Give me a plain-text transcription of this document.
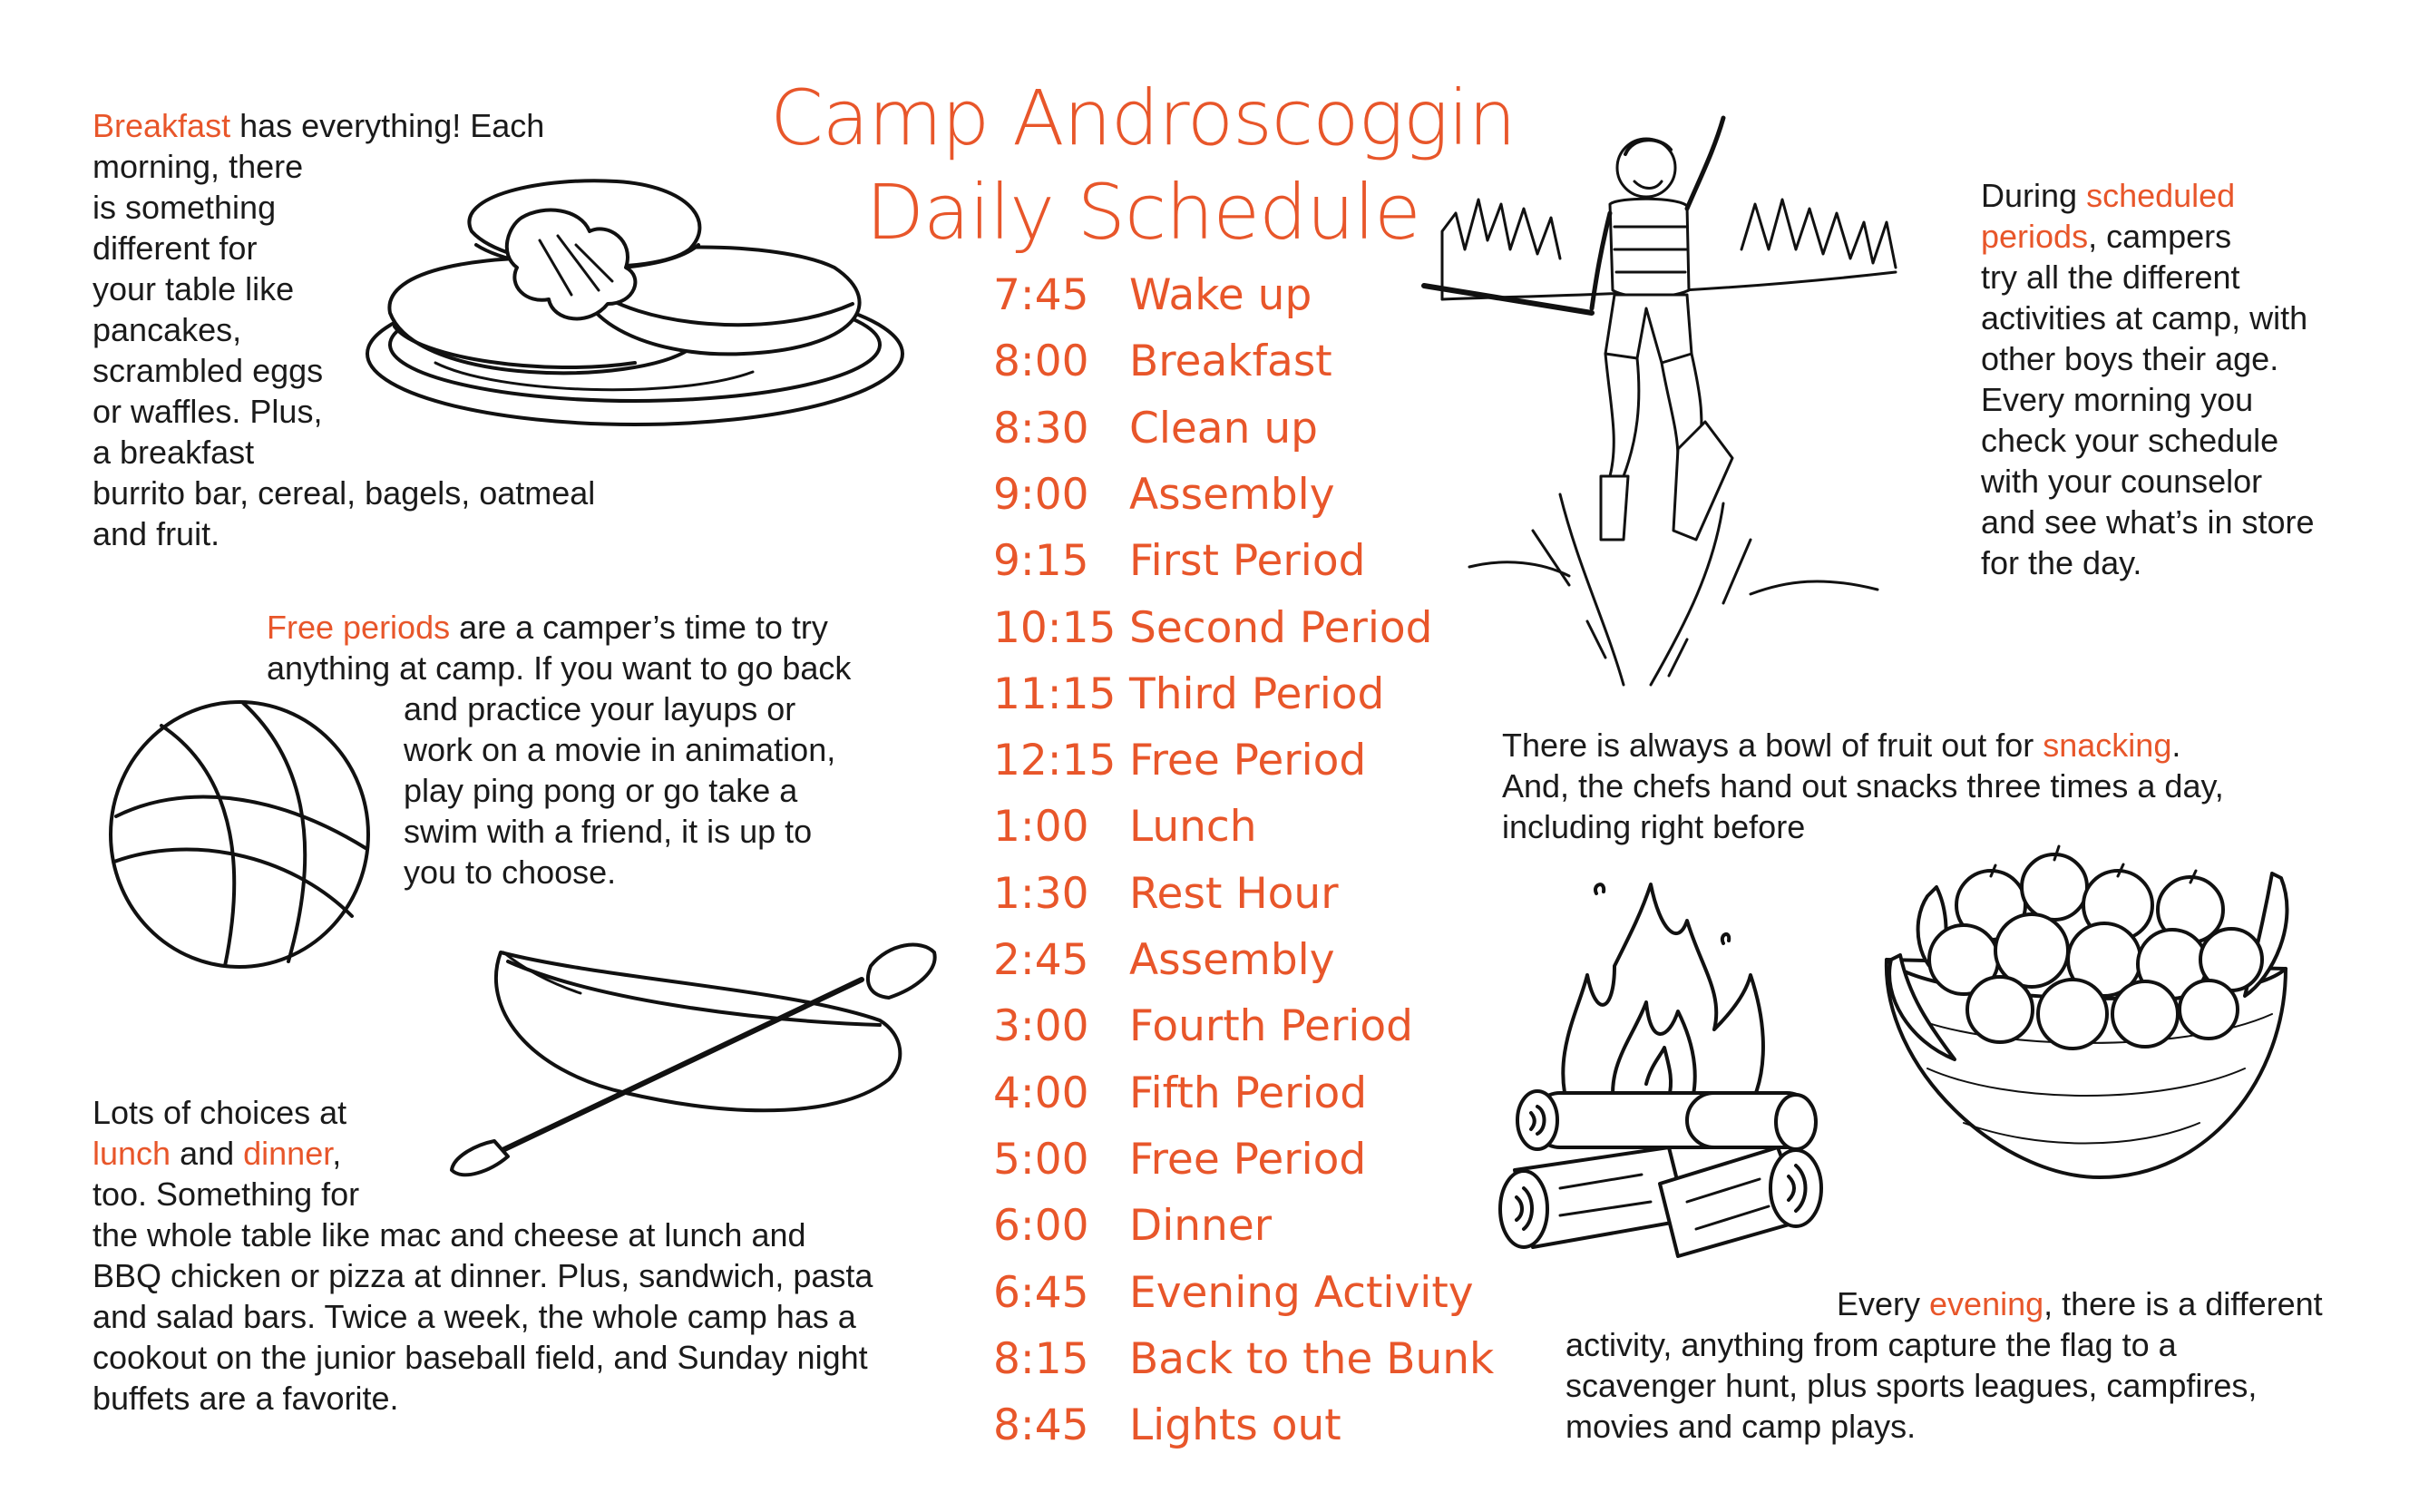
Camp Androscoggin
Daily Schedule
7:45 Wake up
8:00 Breakfast
8:30 Clean up
9:00 Assembly
9:15 First Period
10:15 Second Period
11:15 Third Period
12:15 Free Period
1:00 Lunch
1:30 Rest Hour
2:45 Assembly
3:00 Fourth Period
4:00 Fifth Period
5:00 Free Period
6:00 Dinner
6:45 Evening Activity
8:15 Back to the Bunk
8:45 Lights out
Breakfast has everything! Each
morning, there
is something
different for
your table like
pancakes,
scrambled eggs
or waffles. Plus,
a breakfast
burrito bar, cereal, bagels, oatmeal
and fruit.
Free periods are a camper’s time to try
anything at camp. If you want to go back
and practice your layups or
work on a movie in animation,
play ping pong or go take a
swim with a friend, it is up to
you to choose.
Lots of choices at
lunch and dinner,
too. Something for
the whole table like mac and cheese at lunch and
BBQ chicken or pizza at dinner. Plus, sandwich, pasta
and salad bars. Twice a week, the whole camp has a
cookout on the junior baseball field, and Sunday night
buffets are a favorite.
During scheduled
periods, campers
try all the different
activities at camp, with
other boys their age.
Every morning you
check your schedule
with your counselor
and see what’s in store
for the day.
There is always a bowl of fruit out for snacking.
And, the chefs hand out snacks three times a day,
including right before
Every evening, there is a different
activity, anything from capture the flag to a
scavenger hunt, plus sports leagues, campfires,
movies and camp plays.
